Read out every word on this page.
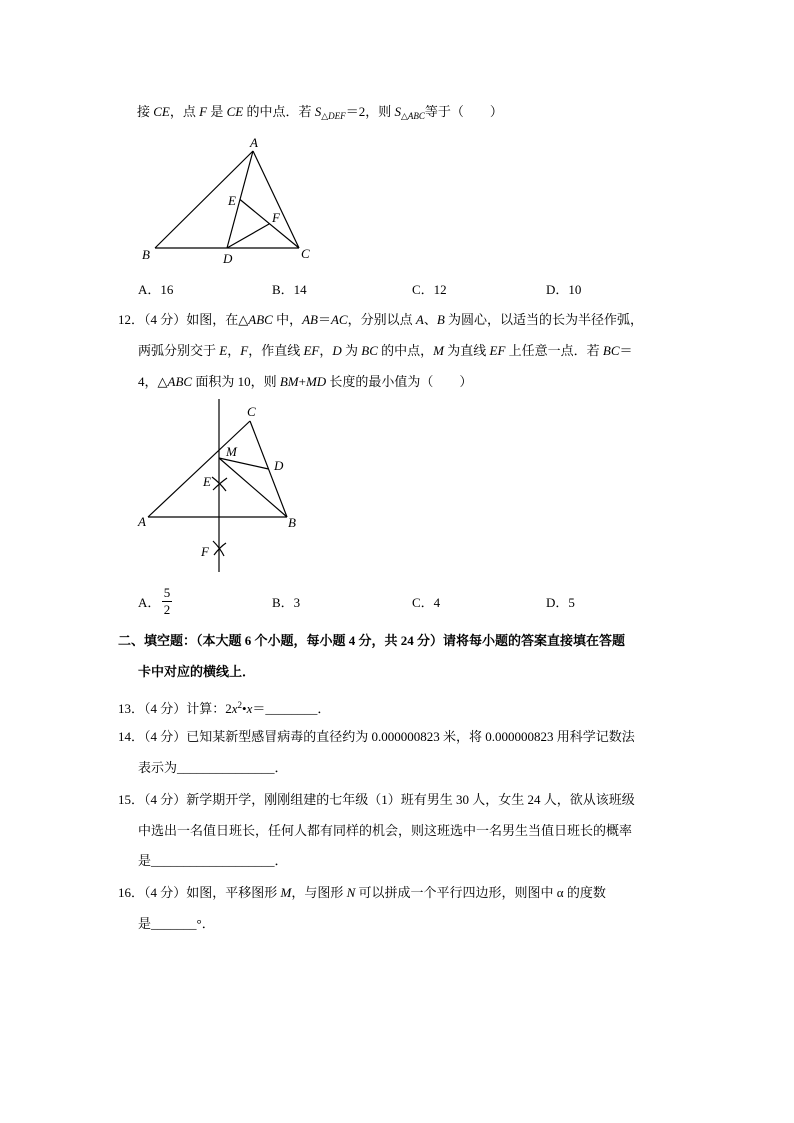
接 CE，点 F 是 CE 的中点．若 $S_{\triangle DEF}=2$，则 $S_{\triangle ABC}$等于（　　）
A
B	C
D
E
F
A．16	B．14	C．12	D．10
12．（4 分）如图，在△ABC 中，AB＝AC，分别以点 A、B 为圆心，以适当的长为半径作弧，
两弧分别交于 E，F，作直线 EF，D 为 BC 的中点，M 为直线 EF 上任意一点．若 BC＝
4，△ABC 面积为 10，则 BM+MD 长度的最小值为（　　）
C
M
D
E
A	B
F
A．
5
2	B．3	C．4	D．5
二、填空题：（本大题 6 个小题，每小题 4 分，共 24 分）请将每小题的答案直接填在答题
卡中对应的横线上．
13．（4 分）计算：$2x^2•x=\_\_\_\_\_\_\_\_$．
14．（4 分）已知某新型感冒病毒的直径约为 0.000000823 米，将 0.000000823 用科学记数法
表示为_______________．
15．（4 分）新学期开学，刚刚组建的七年级（1）班有男生 30 人，女生 24 人，欲从该班级
中选出一名值日班长，任何人都有同样的机会，则这班选中一名男生当值日班长的概率
是___________________．
16．（4 分）如图，平移图形 M，与图形 N 可以拼成一个平行四边形，则图中 α 的度数
是_______°．
